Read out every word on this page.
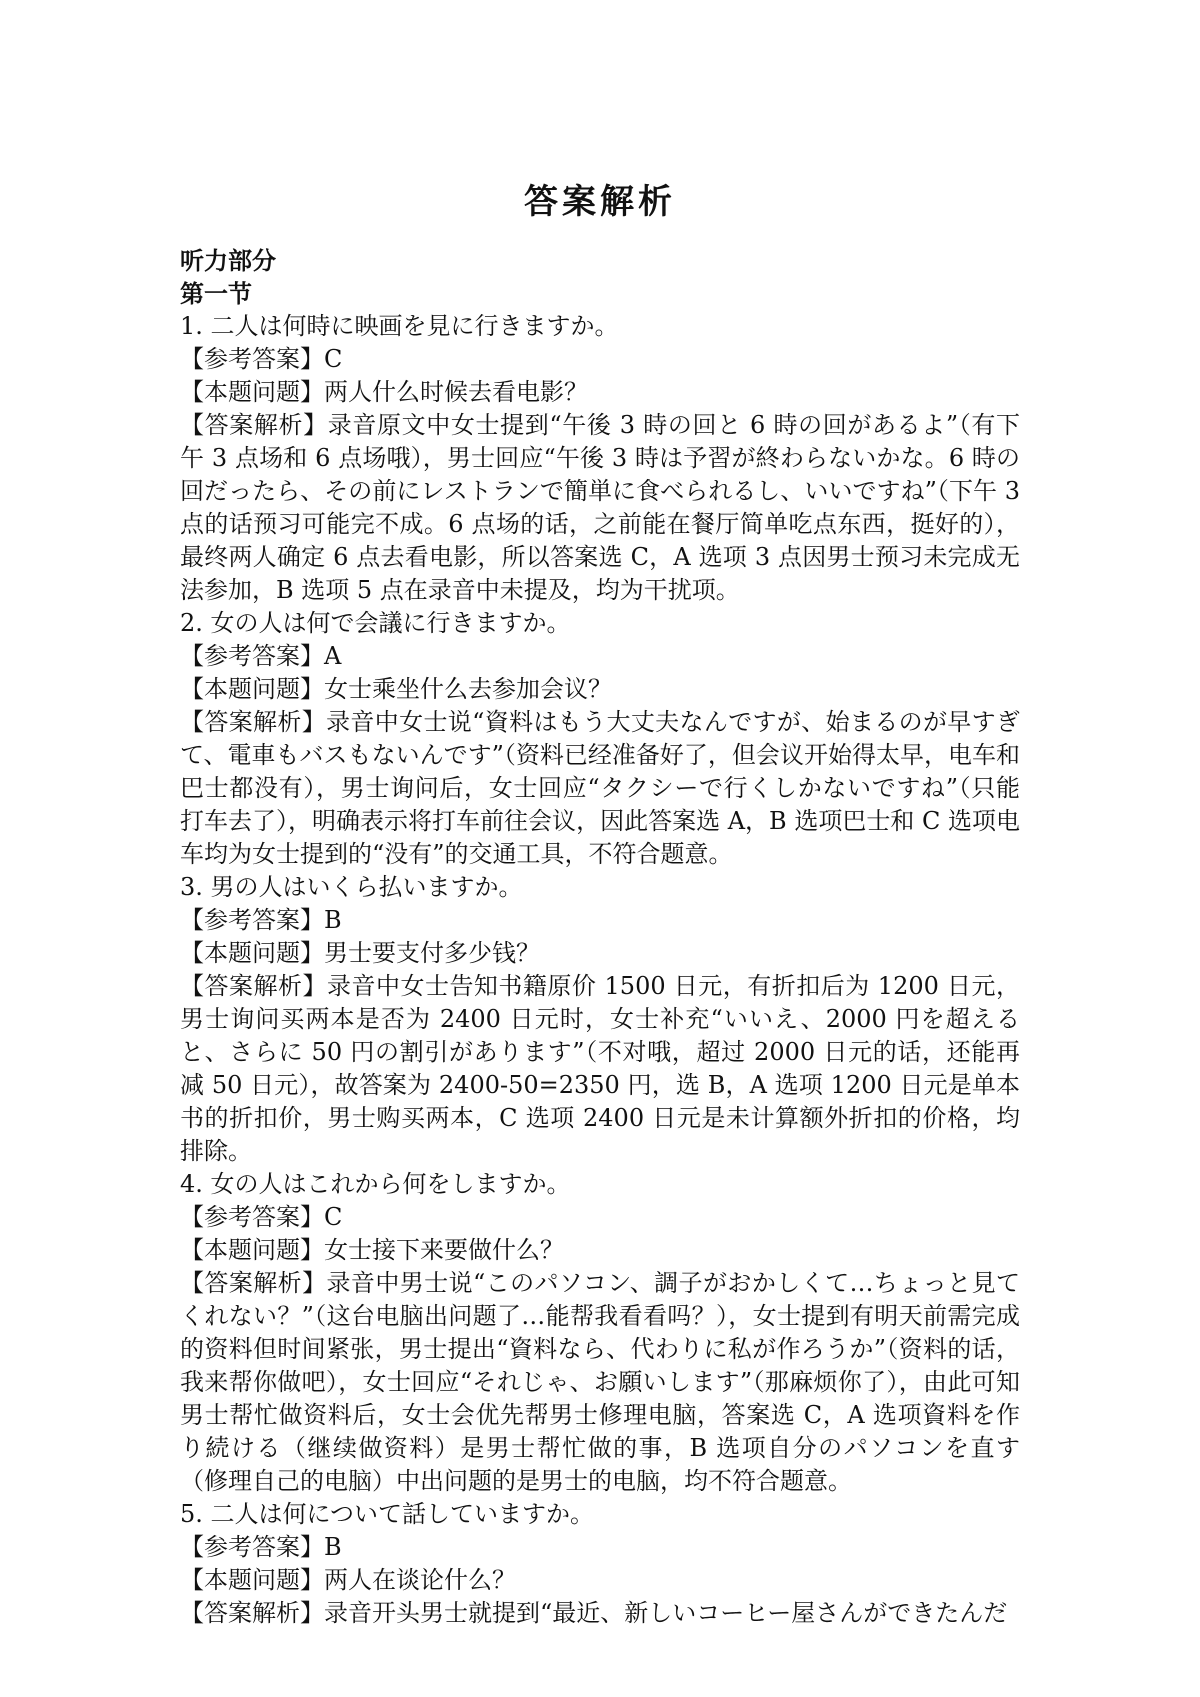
答案解析

听力部分

第一节

1. 二人は何時に映画を見に行きますか。

【参考答案】C

【本题问题】两人什么时候去看电影？

【答案解析】录音原文中女士提到“午後 3 時の回と 6 時の回があるよ”（有下午 3 点场和 6 点场哦），男士回应“午後 3 時は予習が終わらないかな。6 時の回だったら、その前にレストランで簡単に食べられるし、いいですね”（下午 3 点的话预习可能完不成。6 点场的话，之前能在餐厅简单吃点东西，挺好的），最终两人确定 6 点去看电影，所以答案选 C，A 选项 3 点因男士预习未完成无法参加，B 选项 5 点在录音中未提及，均为干扰项。

2. 女の人は何で会議に行きますか。

【参考答案】A

【本题问题】女士乘坐什么去参加会议？

【答案解析】录音中女士说“資料はもう大丈夫なんですが、始まるのが早すぎて、電車もバスもないんです”（资料已经准备好了，但会议开始得太早，电车和巴士都没有），男士询问后，女士回应“タクシーで行くしかないですね”（只能打车去了），明确表示将打车前往会议，因此答案选 A，B 选项巴士和 C 选项电车均为女士提到的“没有”的交通工具，不符合题意。

3. 男の人はいくら払いますか。

【参考答案】B

【本题问题】男士要支付多少钱？

【答案解析】录音中女士告知书籍原价 1500 日元，有折扣后为 1200 日元，男士询问买两本是否为 2400 日元时，女士补充“いいえ、2000 円を超えると、さらに 50 円の割引があります”（不对哦，超过 2000 日元的话，还能再减 50 日元），故答案为 2400-50=2350 円，选 B，A 选项 1200 日元是单本书的折扣价，男士购买两本，C 选项 2400 日元是未计算额外折扣的价格，均排除。

4. 女の人はこれから何をしますか。

【参考答案】C

【本题问题】女士接下来要做什么？

【答案解析】录音中男士说“このパソコン、調子がおかしくて…ちょっと見てくれない？”（这台电脑出问题了…能帮我看看吗？），女士提到有明天前需完成的资料但时间紧张，男士提出“資料なら、代わりに私が作ろうか”（资料的话，我来帮你做吧），女士回应“それじゃ、お願いします”（那麻烦你了），由此可知男士帮忙做资料后，女士会优先帮男士修理电脑，答案选 C，A 选项資料を作り続ける（继续做资料）是男士帮忙做的事，B 选项自分のパソコンを直す（修理自己的电脑）中出问题的是男士的电脑，均不符合题意。

5. 二人は何について話していますか。

【参考答案】B

【本题问题】两人在谈论什么？

【答案解析】录音开头男士就提到“最近、新しいコーヒー屋さんができたんだ
